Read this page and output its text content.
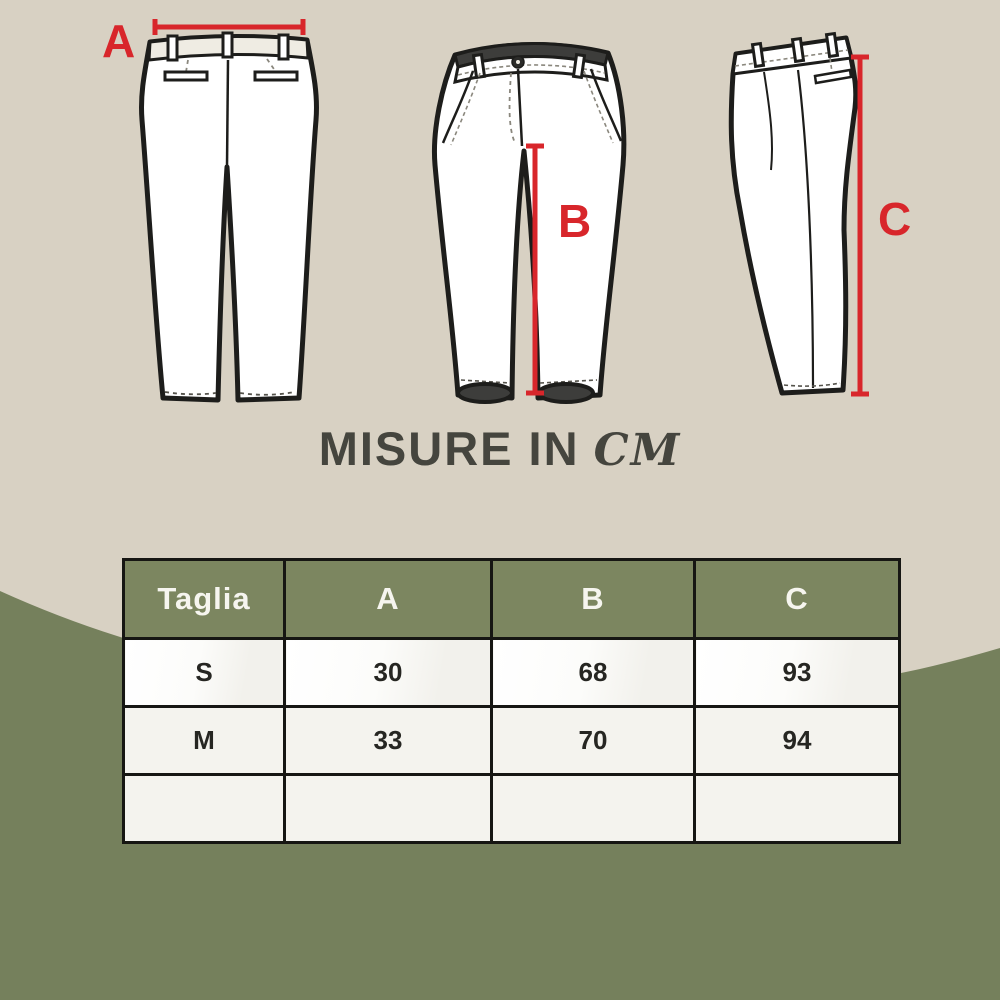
A
B	C
MISURE IN CM
Taglia	A	B	C
S	30	68	93
M	33	70	94
